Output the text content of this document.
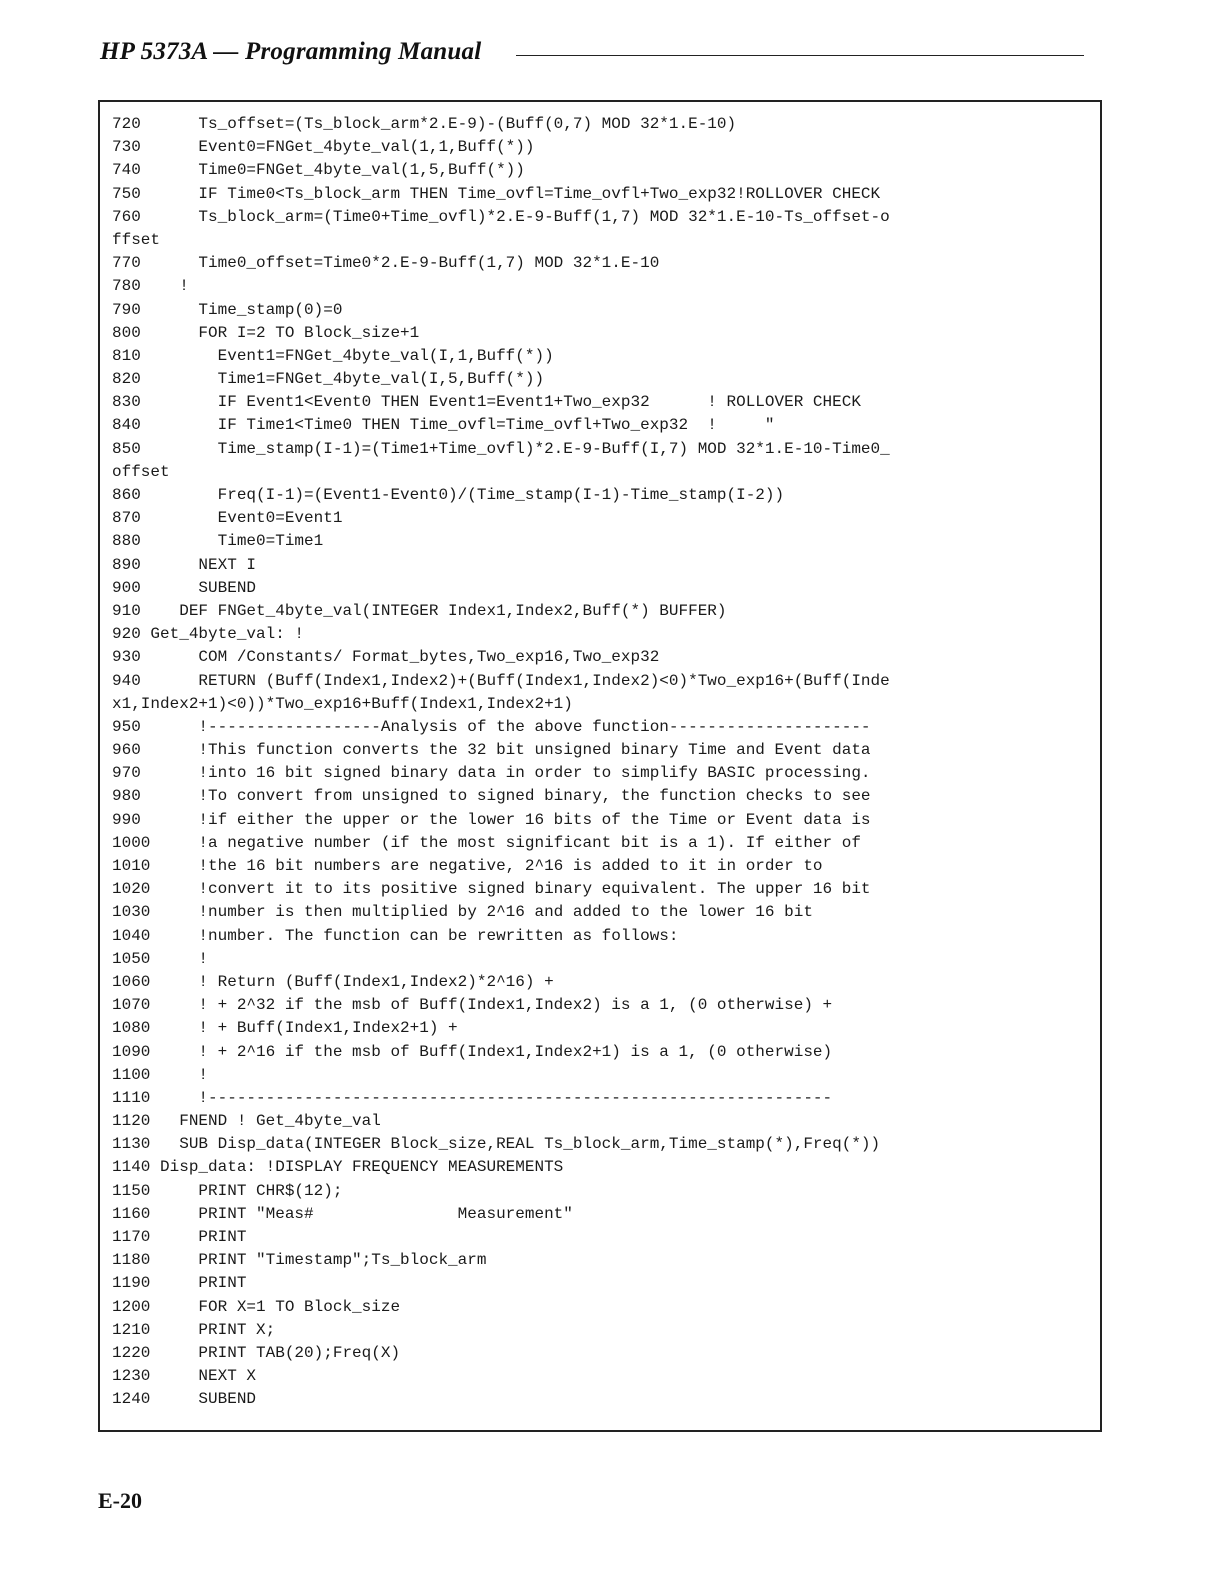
HP 5373A — Programming Manual
720      Ts_offset=(Ts_block_arm*2.E-9)-(Buff(0,7) MOD 32*1.E-10)
730      Event0=FNGet_4byte_val(1,1,Buff(*))
740      Time0=FNGet_4byte_val(1,5,Buff(*))
750      IF Time0<Ts_block_arm THEN Time_ovfl=Time_ovfl+Two_exp32!ROLLOVER CHECK
760      Ts_block_arm=(Time0+Time_ovfl)*2.E-9-Buff(1,7) MOD 32*1.E-10-Ts_offset-o
ffset
770      Time0_offset=Time0*2.E-9-Buff(1,7) MOD 32*1.E-10
780    !
790      Time_stamp(0)=0
800      FOR I=2 TO Block_size+1
810        Event1=FNGet_4byte_val(I,1,Buff(*))
820        Time1=FNGet_4byte_val(I,5,Buff(*))
830        IF Event1<Event0 THEN Event1=Event1+Two_exp32      ! ROLLOVER CHECK
840        IF Time1<Time0 THEN Time_ovfl=Time_ovfl+Two_exp32  !     "
850        Time_stamp(I-1)=(Time1+Time_ovfl)*2.E-9-Buff(I,7) MOD 32*1.E-10-Time0_
offset
860        Freq(I-1)=(Event1-Event0)/(Time_stamp(I-1)-Time_stamp(I-2))
870        Event0=Event1
880        Time0=Time1
890      NEXT I
900      SUBEND
910    DEF FNGet_4byte_val(INTEGER Index1,Index2,Buff(*) BUFFER)
920 Get_4byte_val: !
930      COM /Constants/ Format_bytes,Two_exp16,Two_exp32
940      RETURN (Buff(Index1,Index2)+(Buff(Index1,Index2)<0)*Two_exp16+(Buff(Inde
x1,Index2+1)<0))*Two_exp16+Buff(Index1,Index2+1)
950      !------------------Analysis of the above function---------------------
960      !This function converts the 32 bit unsigned binary Time and Event data
970      !into 16 bit signed binary data in order to simplify BASIC processing.
980      !To convert from unsigned to signed binary, the function checks to see
990      !if either the upper or the lower 16 bits of the Time or Event data is
1000     !a negative number (if the most significant bit is a 1). If either of
1010     !the 16 bit numbers are negative, 2^16 is added to it in order to
1020     !convert it to its positive signed binary equivalent. The upper 16 bit
1030     !number is then multiplied by 2^16 and added to the lower 16 bit
1040     !number. The function can be rewritten as follows:
1050     !
1060     ! Return (Buff(Index1,Index2)*2^16) +
1070     ! + 2^32 if the msb of Buff(Index1,Index2) is a 1, (0 otherwise) +
1080     ! + Buff(Index1,Index2+1) +
1090     ! + 2^16 if the msb of Buff(Index1,Index2+1) is a 1, (0 otherwise)
1100     !
1110     !-----------------------------------------------------------------
1120   FNEND ! Get_4byte_val
1130   SUB Disp_data(INTEGER Block_size,REAL Ts_block_arm,Time_stamp(*),Freq(*))
1140 Disp_data: !DISPLAY FREQUENCY MEASUREMENTS
1150     PRINT CHR$(12);
1160     PRINT "Meas#               Measurement"
1170     PRINT
1180     PRINT "Timestamp";Ts_block_arm
1190     PRINT
1200     FOR X=1 TO Block_size
1210     PRINT X;
1220     PRINT TAB(20);Freq(X)
1230     NEXT X
1240     SUBEND
E-20
